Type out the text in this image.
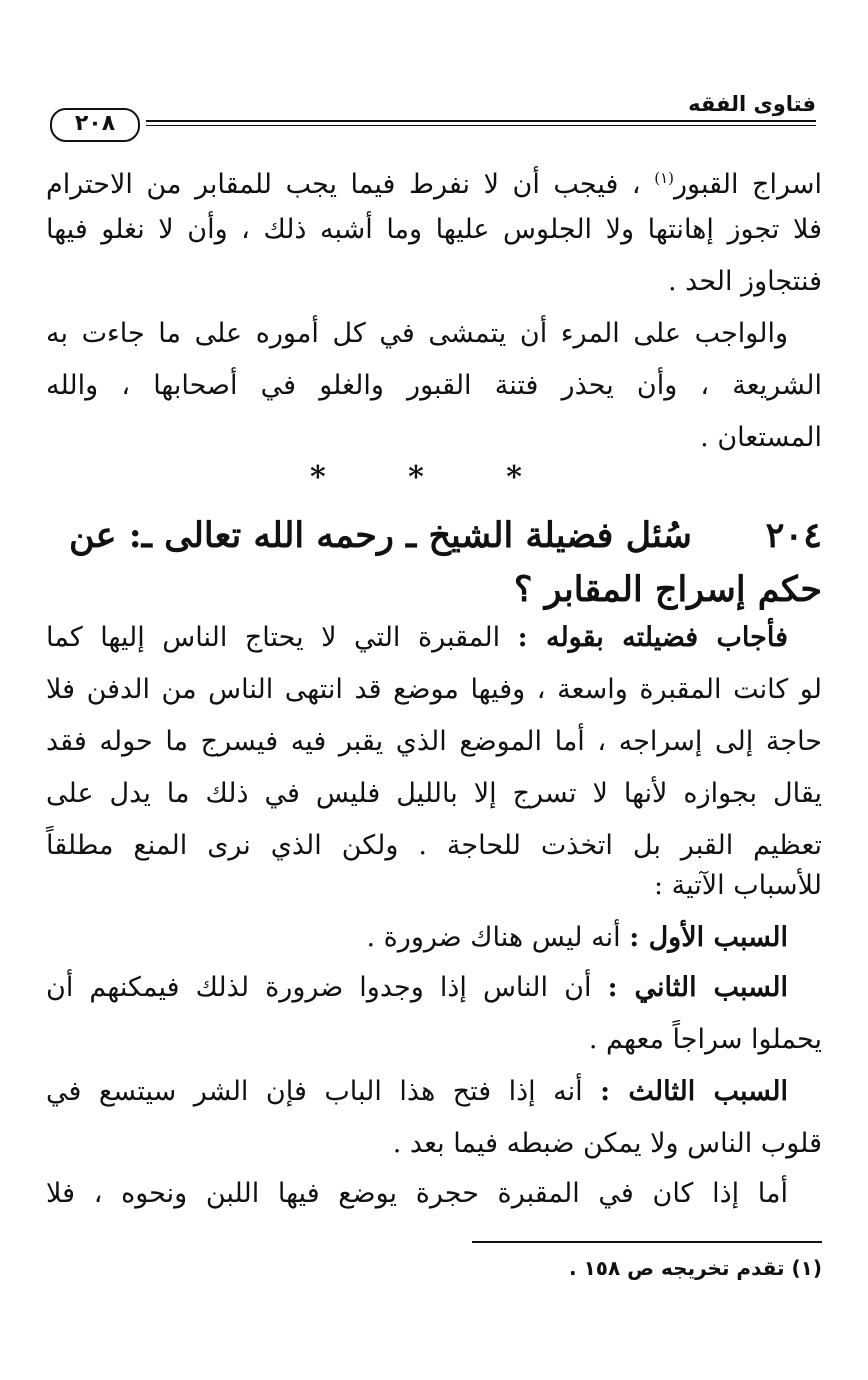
فتاوى الفقه
٢٠٨
اسراج القبور$^{(١)}$ ، فيجب أن لا نفرط فيما يجب للمقابر من الاحترام
فلا تجوز إهانتها ولا الجلوس عليها وما أشبه ذلك ، وأن لا نغلو فيها
فنتجاوز الحد .
والواجب على المرء أن يتمشى في كل أموره على ما جاءت به
الشريعة ، وأن يحذر فتنة القبور والغلو في أصحابها ، والله
المستعان .
* * *
٢٠٤سُئل فضيلة الشيخ ـ رحمه الله تعالى ـ: عن
حكم إسراج المقابر ؟
فأجاب فضيلته بقوله : المقبرة التي لا يحتاج الناس إليها كما
لو كانت المقبرة واسعة ، وفيها موضع قد انتهى الناس من الدفن فلا
حاجة إلى إسراجه ، أما الموضع الذي يقبر فيه فيسرج ما حوله فقد
يقال بجوازه لأنها لا تسرج إلا بالليل فليس في ذلك ما يدل على
تعظيم القبر بل اتخذت للحاجة . ولكن الذي نرى المنع مطلقاً
للأسباب الآتية :
السبب الأول : أنه ليس هناك ضرورة .
السبب الثاني : أن الناس إذا وجدوا ضرورة لذلك فيمكنهم أن
يحملوا سراجاً معهم .
السبب الثالث : أنه إذا فتح هذا الباب فإن الشر سيتسع في
قلوب الناس ولا يمكن ضبطه فيما بعد .
أما إذا كان في المقبرة حجرة يوضع فيها اللبن ونحوه ، فلا
(١) تقدم تخريجه ص ١٥٨ .
